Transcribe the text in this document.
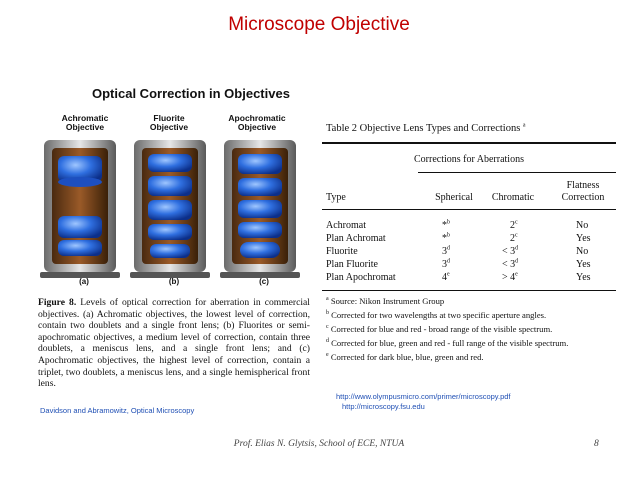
Microscope Objective
Optical Correction in Objectives
Achromatic
Objective
Fluorite
Objective
Apochromatic
Objective
(a)	(b)	(c)
Figure 8. Levels of optical correction for aberration in commercial objectives. (a) Achromatic objectives, the lowest level of correction, contain two doublets and a single front lens; (b) Fluorites or semi-apochromatic objectives, a medium level of correction, contain three doublets, a meniscus lens, and a single front lens; and (c) Apochromatic objectives, the highest level of correction, contain a triplet, two doublets, a meniscus lens, and a single hemispherical front lens.
Davidson and Abramowitz, Optical Microscopy
Table 2 Objective Lens Types and Corrections $^a$
Corrections for Aberrations
Type	Spherical	Chromatic
Flatness
Correction
Achromat	*$^b$	2$^c$	No
Plan Achromat	*$^b$	2$^c$	Yes
Fluorite	$3^d$	< $3^d$	No
Plan Fluorite	$3^d$	< $3^d$	Yes
Plan Apochromat	$4^e$	> $4^e$	Yes
$^a$ Source: Nikon Instrument Group
$^b$ Corrected for two wavelengths at two specific aperture angles.
$^c$ Corrected for blue and red - broad range of the visible spectrum.
$^d$ Corrected for blue, green and red - full range of the visible spectrum.
$^e$ Corrected for dark blue, blue, green and red.
http://www.olympusmicro.com/primer/microscopy.pdf
http://microscopy.fsu.edu
Prof. Elias N. Glytsis, School of ECE, NTUA	8
